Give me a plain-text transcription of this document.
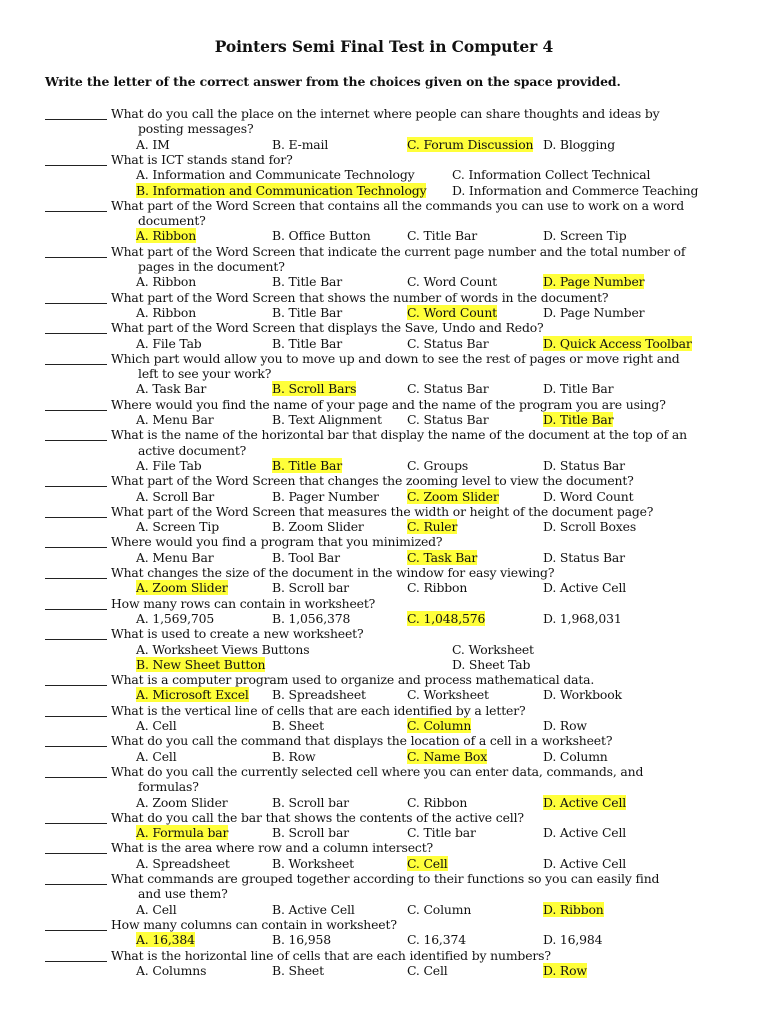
Pointers Semi Final Test in Computer 4
Write the letter of the correct answer from the choices given on the space provided.
What do you call the place on the internet where people can share thoughts and ideas by
posting messages?
A. IM	B. E-mail	C. Forum Discussion D. Blogging
What is ICT stands stand for?
A. Information and Communicate Technology	C. Information Collect Technical
B. Information and Communication Technology D. Information and Commerce Teaching
What part of the Word Screen that contains all the commands you can use to work on a word
document?
A. Ribbon	B. Office Button	C. Title Bar	D. Screen Tip
What part of the Word Screen that indicate the current page number and the total number of
pages in the document?
A. Ribbon	B. Title Bar	C. Word Count	D. Page Number
What part of the Word Screen that shows the number of words in the document?
A. Ribbon	B. Title Bar	C. Word Count	D. Page Number
What part of the Word Screen that displays the Save, Undo and Redo?
A. File Tab	B. Title Bar	C. Status Bar	D. Quick Access Toolbar
Which part would allow you to move up and down to see the rest of pages or move right and
left to see your work?
A. Task Bar	B. Scroll Bars	C. Status Bar	D. Title Bar
Where would you find the name of your page and the name of the program you are using?
A. Menu Bar	B. Text Alignment C. Status Bar	D. Title Bar
What is the name of the horizontal bar that display the name of the document at the top of an
active document?
A. File Tab	B. Title Bar	C. Groups	D. Status Bar
What part of the Word Screen that changes the zooming level to view the document?
A. Scroll Bar	B. Pager Number C. Zoom Slider	D. Word Count
What part of the Word Screen that measures the width or height of the document page?
A. Screen Tip	B. Zoom Slider	C. Ruler	D. Scroll Boxes
Where would you find a program that you minimized?
A. Menu Bar	B. Tool Bar	C. Task Bar	D. Status Bar
What changes the size of the document in the window for easy viewing?
A. Zoom Slider	B. Scroll bar	C. Ribbon	D. Active Cell
How many rows can contain in worksheet?
A. 1,569,705	B. 1,056,378	C. 1,048,576	D. 1,968,031
What is used to create a new worksheet?
A. Worksheet Views Buttons	C. Worksheet
B. New Sheet Button	D. Sheet Tab
What is a computer program used to organize and process mathematical data.
A. Microsoft Excel B. Spreadsheet	C. Worksheet	D. Workbook
What is the vertical line of cells that are each identified by a letter?
A. Cell	B. Sheet	C. Column	D. Row
What do you call the command that displays the location of a cell in a worksheet?
A. Cell	B. Row	C. Name Box	D. Column
What do you call the currently selected cell where you can enter data, commands, and
formulas?
A. Zoom Slider	B. Scroll bar	C. Ribbon	D. Active Cell
What do you call the bar that shows the contents of the active cell?
A. Formula bar	B. Scroll bar	C. Title bar	D. Active Cell
What is the area where row and a column intersect?
A. Spreadsheet	B. Worksheet	C. Cell	D. Active Cell
What commands are grouped together according to their functions so you can easily find
and use them?
A. Cell	B. Active Cell	C. Column	D. Ribbon
How many columns can contain in worksheet?
A. 16,384	B. 16,958	C. 16,374	D. 16,984
What is the horizontal line of cells that are each identified by numbers?
A. Columns	B. Sheet	C. Cell	D. Row
